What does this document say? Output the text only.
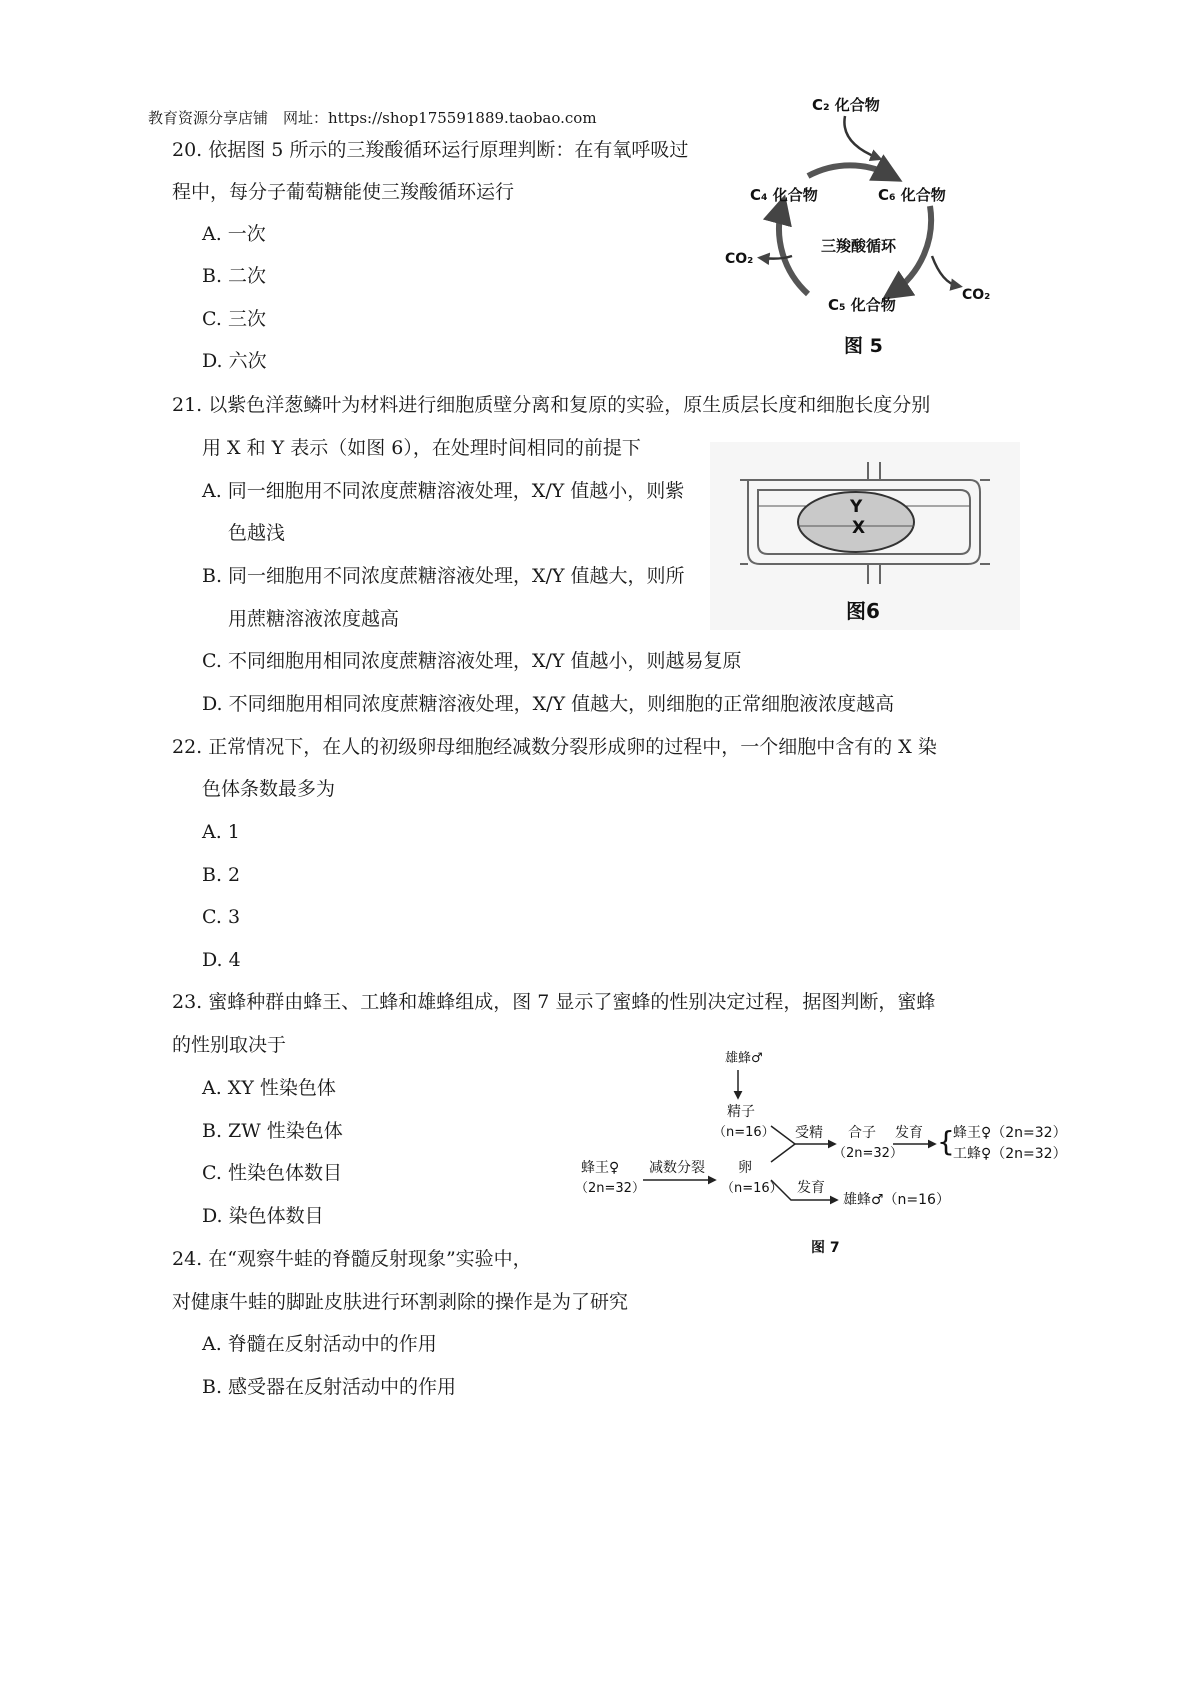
教育资源分享店铺　网址：https://shop175591889.taobao.com
20. 依据图 5 所示的三羧酸循环运行原理判断：在有氧呼吸过
程中，每分子葡萄糖能使三羧酸循环运行
A. 一次
B. 二次
C. 三次
D. 六次
C₂ 化合物
C₄ 化合物	C₆ 化合物
三羧酸循环
CO₂
CO₂
C₅ 化合物
图 5
21. 以紫色洋葱鳞叶为材料进行细胞质壁分离和复原的实验，原生质层长度和细胞长度分别
用 X 和 Y 表示（如图 6），在处理时间相同的前提下
A. 同一细胞用不同浓度蔗糖溶液处理，X/Y 值越小，则紫
色越浅
B. 同一细胞用不同浓度蔗糖溶液处理，X/Y 值越大，则所
用蔗糖溶液浓度越高
C. 不同细胞用相同浓度蔗糖溶液处理，X/Y 值越小，则越易复原
D. 不同细胞用相同浓度蔗糖溶液处理，X/Y 值越大，则细胞的正常细胞液浓度越高
Y
X
图6
22. 正常情况下，在人的初级卵母细胞经减数分裂形成卵的过程中，一个细胞中含有的 X 染
色体条数最多为
A. 1
B. 2
C. 3
D. 4
23. 蜜蜂种群由蜂王、工蜂和雄蜂组成，图 7 显示了蜜蜂的性别决定过程，据图判断，蜜蜂
的性别取决于
A. XY 性染色体
B. ZW 性染色体
C. 性染色体数目
D. 染色体数目
雄蜂♂
精子
（n=16） 受精 合子
（2n=32）
发育 {
蜂王♀（2n=32）
工蜂♀（2n=32）
蜂王♀
（2n=32）
减数分裂 卵
（n=16） 发育
雄蜂♂（n=16）
图 7
24. 在“观察牛蛙的脊髓反射现象”实验中，
对健康牛蛙的脚趾皮肤进行环割剥除的操作是为了研究
A. 脊髓在反射活动中的作用
B. 感受器在反射活动中的作用
